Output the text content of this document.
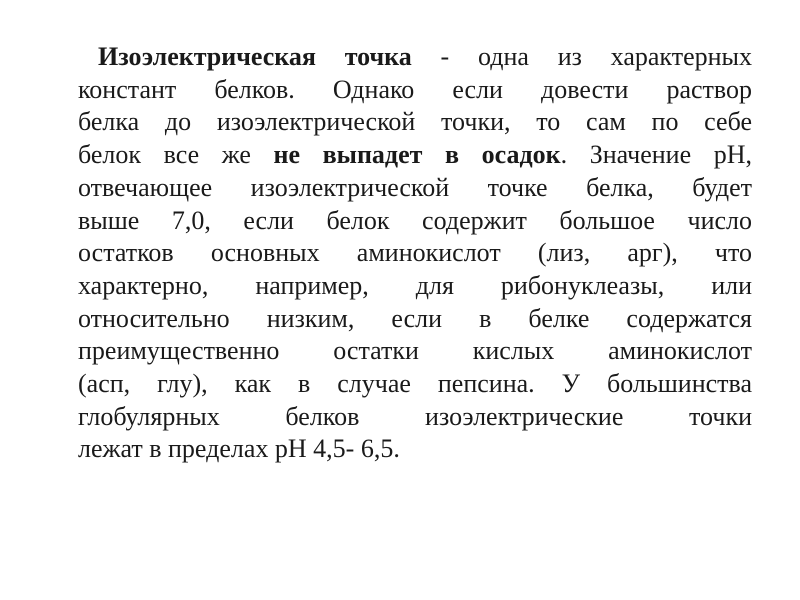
Изоэлектрическая точка - одна из характерных
констант белков. Однако если довести раствор
белка до изоэлектрической точки, то сам по себе
белок все же не выпадет в осадок. Значение рН,
отвечающее изоэлектрической точке белка, будет
выше 7,0, если белок содержит большое число
остатков основных аминокислот (лиз, арг), что
характерно, например, для рибонуклеазы, или
относительно низким, если в белке содержатся
преимущественно остатки кислых аминокислот
(асп, глу), как в случае пепсина. У большинства
глобулярных белков изоэлектрические точки
лежат в пределах рН 4,5- 6,5.
